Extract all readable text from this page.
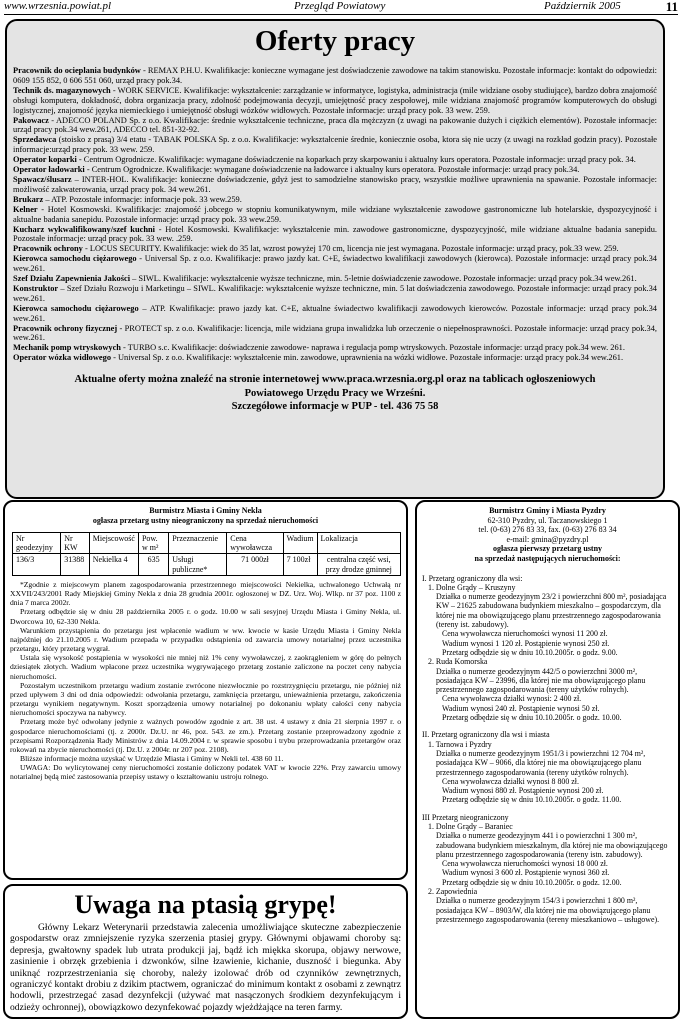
www.wrzesnia.powiat.pl	Przegląd Powiatowy	Październik 2005	11
Oferty pracy

Pracownik do ocieplania budynków - REMAX P.H.U. Kwalifikacje: konieczne wymagane jest doświadczenie zawodowe na takim stanowisku. Pozostałe informacje: kontakt do odpowiedzi: 0609 155 852, 0 606 551 060, urząd pracy pok.34.

Technik ds. magazynowych - WORK SERVICE. Kwalifikacje: wykształcenie: zarządzanie w informatyce, logistyka, administracja (mile widziane osoby studiujące), bardzo dobra znajomość obsługi komputera, dokładność, dobra organizacja pracy, zdolność podejmowania decyzji, umiejętność pracy zespołowej, mile widziana znajomość programów komputerowych do obsługi logistycznej, znajomość języka niemieckiego i umiejętność obsługi wózków widłowych. Pozostałe informacje: urząd pracy pok. 33 wew. 259.

Pakowacz - ADECCO POLAND Sp. z o.o. Kwalifikacje: średnie wykształcenie techniczne, praca dla mężczyzn (z uwagi na pakowanie dużych i ciężkich elementów). Pozostałe informacje: urząd pracy pok.34 wew.261, ADECCO tel. 851-32-92.

Sprzedawca (stoisko z prasą) 3/4 etatu - TABAK POLSKA Sp. z o.o. Kwalifikacje: wykształcenie średnie, koniecznie osoba, ktora się nie uczy (z uwagi na rozkład godzin pracy). Pozostałe informacje:urząd pracy pok. 33 wew. 259.

Operator koparki - Centrum Ogrodnicze. Kwalifikacje: wymagane doświadczenie na koparkach przy skarpowaniu i aktualny kurs operatora. Pozostałe informacje: urząd pracy pok. 34.

Operator ładowarki - Centrum Ogrodnicze. Kwalifikacje: wymagane doświadczenie na ładowarce i aktualny kurs operatora. Pozostałe informacje: urząd pracy pok.34.

Spawacz/ślusarz – INTER-HOL. Kwalifikacje: konieczne doświadczenie, gdyż jest to samodzielne stanowisko pracy, wszystkie możliwe uprawnienia na spawanie. Pozostałe informacje: możliwość zakwaterowania, urząd pracy pok. 34 wew.261.

Brukarz – ATP. Pozostałe informacje: informacje pok. 33 wew.259.

Kelner - Hotel Kosmowski. Kwalifikacje: znajomość j.obcego w stopniu komunikatywnym, mile widziane wykształcenie zawodowe gastronomiczne lub hotelarskie, dyspozycyjność i aktualne badania sanepidu. Pozostałe informacje: urząd pracy pok. 33 wew.259.

Kucharz wykwalifikowany/szef kuchni - Hotel Kosmowski. Kwalifikacje: wykształcenie min. zawodowe gastronomiczne, dyspozycyjność, mile widziane aktualne badania sanepidu. Pozostałe informacje: urząd pracy pok. 33 wew. .259.

Pracownik ochrony - LOCUS SECURITY. Kwalifikacje: wiek do 35 lat, wzrost powyżej 170 cm, licencja nie jest wymagana. Pozostałe informacje: urząd pracy, pok.33 wew. 259.

Kierowca samochodu ciężarowego - Universal Sp. z o.o. Kwalifikacje: prawo jazdy kat. C+E, świadectwo kwalifikacji zawodowych (kierowca). Pozostałe informacje: urząd pracy pok.34 wew.261.

Szef Działu Zapewnienia Jakości – SIWL. Kwalifikacje: wykształcenie wyższe techniczne, min. 5-letnie doświadczenie zawodowe. Pozostałe informacje: urząd pracy pok.34 wew.261.

Konstruktor – Szef Działu Rozwoju i Marketingu – SIWL. Kwalifikacje: wykształcenie wyższe techniczne, min. 5 lat doświadczenia zawodowego. Pozostałe informacje: urząd pracy pok.34 wew.261.

Kierowca samochodu ciężarowego – ATP. Kwalifikacje: prawo jazdy kat. C+E, aktualne świadectwo kwalifikacji zawodowych kierowców. Pozostałe informacje: urząd pracy pok.34 wew.261.

Pracownik ochrony fizycznej - PROTECT sp. z o.o. Kwalifikacje: licencja, mile widziana grupa inwalidzka lub orzeczenie o niepełnosprawności. Pozostałe informacje: urząd pracy pok.34, wew.261.

Mechanik pomp wtryskowych - TURBO s.c. Kwalifikacje: doświadczenie zawodowe- naprawa i regulacja pomp wtryskowych. Pozostałe informacje: urząd pracy pok.34 wew. 261.

Operator wózka widłowego - Universal Sp. z o.o. Kwalifikacje: wykształcenie min. zawodowe, uprawnienia na wózki widłowe. Pozostałe informacje: urząd pracy pok.34 wew.261.

Aktualne oferty można znaleźć na stronie internetowej www.praca.wrzesnia.org.pl oraz na tablicach ogłoszeniowych
Powiatowego Urzędu Pracy we Wrześni.
Szczegółowe informacje w PUP - tel. 436 75 58
Burmistrz Miasta i Gminy Nekla
ogłasza przetarg ustny nieograniczony na sprzedaż nieruchomości
Nr geodezyjny	Nr KW	Miejscowość	Pow. w m²	Przeznaczenie	Cena wywoławcza	Wadium	Lokalizacja
136/3	31388	Nekielka 4	635	Usługi publiczne*	71 000zł	7 100zł	centralna część wsi, przy drodze gminnej

*Zgodnie z miejscowym planem zagospodarowania przestrzennego miejscowości Nekielka, uchwalonego Uchwałą nr XXVII/243/2001 Rady Miejskiej Gminy Nekla z dnia 28 grudnia 2001r. ogłoszonej w DZ. Urz. Woj. Wlkp. nr 37 poz. 1100 z dnia 7 marca 2002r.

Przetarg odbędzie się w dniu 28 października 2005 r. o godz. 10.00 w sali sesyjnej Urzędu Miasta i Gminy Nekla, ul. Dworcowa 10, 62-330 Nekla.

Warunkiem przystąpienia do przetargu jest wpłacenie wadium w ww. kwocie w kasie Urzędu Miasta i Gminy Nekla najpóźniej do 21.10.2005 r. Wadium przepada w przypadku odstąpienia od zawarcia umowy notarialnej przez uczestnika przetargu, który przetarg wygrał.

Ustala się wysokość postąpienia w wysokości nie mniej niż 1% ceny wywoławczej, z zaokrągleniem w górę do pełnych dziesiątek złotych. Wadium wpłacone przez uczestnika wygrywającego przetarg zostanie zaliczone na poczet ceny nabycia nieruchomości.

Pozostałym uczestnikom przetargu wadium zostanie zwrócone niezwłocznie po rozstrzygnięciu przetargu, nie później niż przed upływem 3 dni od dnia odpowiedzi: odwołania przetargu, zamknięcia przetargu, unieważnienia przetargu, zakończenia przetargu wynikiem negatywnym. Koszt sporządzenia umowy notarialnej po dokonaniu wpłaty całości ceny nabycia nieruchomości spoczywa na nabywcy.

Przetarg może być odwołany jedynie z ważnych powodów zgodnie z art. 38 ust. 4 ustawy z dnia 21 sierpnia 1997 r. o gospodarce nieruchomościami (tj. z 2000r. Dz.U. nr 46, poz. 543. ze zm.). Przetarg zostanie przeprowadzony zgodnie z przepisami Rozporządzenia Rady Ministrów z dnia 14.09.2004 r. w sprawie sposobu i trybu przeprowadzania przetargów oraz rokowań na zbycie nieruchomości (tj. Dz.U. z 2004r. nr 207 poz. 2108).

Bliższe informacje można uzyskać w Urzędzie Miasta i Gminy w Nekli tel. 438 60 11.

UWAGA: Do wylicytowanej ceny nieruchomości zostanie doliczony podatek VAT w kwocie 22%. Przy zawarciu umowy notarialnej będą mieć zastosowania przepisy ustawy o kształtowaniu ustroju rolnego.

Burmistrz Gminy i Miasta Pyzdry
62-310 Pyzdry, ul. Taczanowskiego 1
tel. (0-63) 276 83 33, fax. (0-63) 276 83 34
e-mail: gmina@pyzdry.pl
ogłasza pierwszy przetarg ustny
na sprzedaż następujących nieruchomości:
I. Przetarg ograniczony dla wsi:
1. Dolne Grądy – Kruszyny
Działka o numerze geodezyjnym 23/2 i powierzchni 800 m², posiadająca KW – 21625 zabudowana budynkiem mieszkalno – gospodarczym, dla której nie ma obowiązującego planu przestrzennego zagospodarowania (tereny ist. zabudowy).
Cena wywoławcza nieruchomości wynosi 11 200 zł.
Wadium wynosi 1 120 zł. Postąpienie wynosi 250 zł.
Przetarg odbędzie się w dniu 10.10.2005r. o godz. 9.00.
2. Ruda Komorska
Działka o numerze geodezyjnym 442/5 o powierzchni 3000 m², posiadająca KW – 23996, dla której nie ma obowiązującego planu przestrzennego zagospodarowania (tereny użytków rolnych).
Cena wywoławcza działki wynosi: 2 400 zł.
Wadium wynosi 240 zł. Postąpienie wynosi 50 zł.
Przetarg odbędzie się w dniu 10.10.2005r. o godz. 10.00.
II. Przetarg ograniczony dla wsi i miasta
1. Tarnowa i Pyzdry
Działka o numerze geodezyjnym 1951/3 i powierzchni 12 704 m², posiadająca KW – 9066, dla której nie ma obowiązującego planu przestrzennego zagospodarowania (tereny użytków rolnych).
Cena wywoławcza działki wynosi 8 800 zł.
Wadium wynosi 880 zł. Postąpienie wynosi 200 zł.
Przetarg odbędzie się w dniu 10.10.2005r. o godz. 11.00.
III Przetarg nieograniczony
1. Dolne Grądy – Baraniec
Działka o numerze geodezyjnym 441 i o powierzchni 1 300 m², zabudowana budynkiem mieszkalnym, dla której nie ma obowiązującego planu przestrzennego zagospodarowania (tereny istn. zabudowy).
Cena wywoławcza nieruchomości wynosi 18 000 zł.
Wadium wynosi 3 600 zł. Postąpienie wynosi 360 zł.
Przetarg odbędzie się w dniu 10.10.2005r. o godz. 12.00.
2. Zapowiednia
Działka o numerze geodezyjnym 154/3 i powierzchni 1 800 m², posiadająca KW – 8903/W, dla której nie ma obowiązującego planu przestrzennego zagospodarowania (tereny mieszkaniowo – usługowe).
Uwaga na ptasią grypę!

Główny Lekarz Weterynarii przedstawia zalecenia umożliwiające skuteczne zabezpieczenie gospodarstw oraz zmniejszenie ryzyka szerzenia ptasiej grypy. Głównymi objawami choroby są: depresja, gwałtowny spadek lub utrata produkcji jaj, bądź ich miękka skorupa, objawy nerwowe, zasinienie i obrzęk grzebienia i dzwonków, silne łzawienie, kichanie, duszność i biegunka. Aby uniknąć rozprzestrzeniania się choroby, należy izolować drób od czynników zewnętrznych, ograniczyć kontakt drobiu z dzikim ptactwem, ograniczać do minimum kontakt z osobami z zewnątrz hodowli, przestrzegać zasad dezynfekcji (używać mat nasączonych środkiem dezynfekującym i odzieży ochronnej), obowiązkowo dezynfekować pojazdy wjeżdżające na teren farmy.
